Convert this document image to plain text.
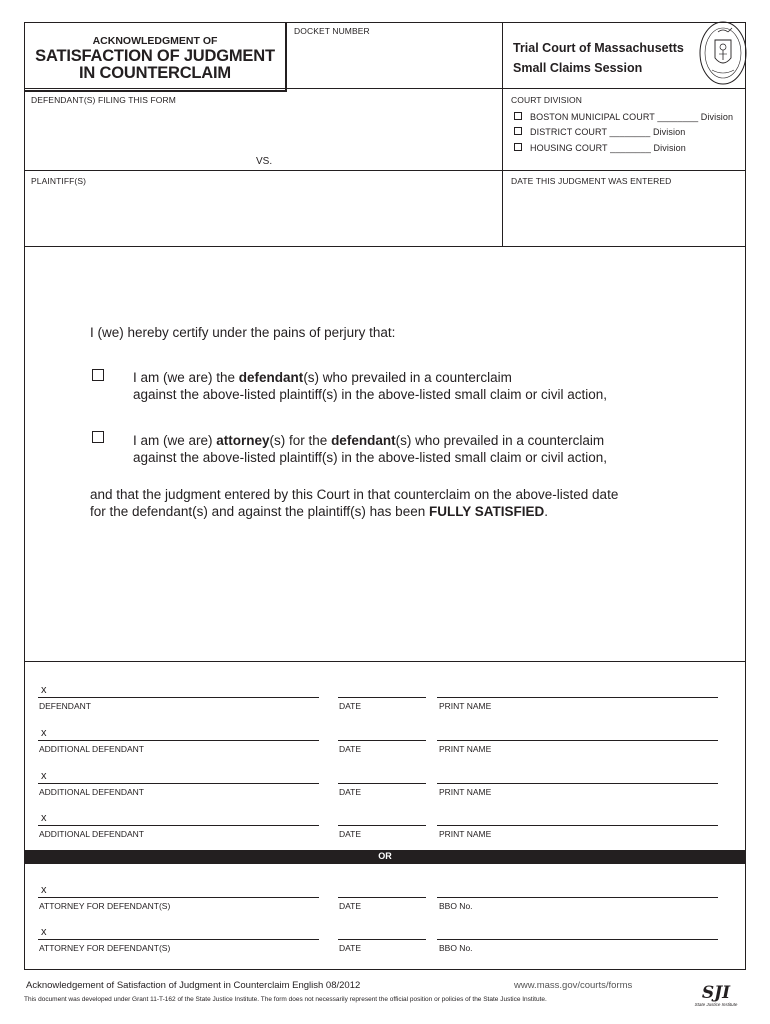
ACKNOWLEDGMENT OF
SATISFACTION OF JUDGMENT
IN COUNTERCLAIM
DOCKET NUMBER
Trial Court of Massachusetts
Small Claims Session
DEFENDANT(S) FILING THIS FORM
VS.
PLAINTIFF(S)
COURT DIVISION
BOSTON MUNICIPAL COURT ________ Division
DISTRICT COURT ________ Division
HOUSING COURT ________ Division
DATE THIS JUDGMENT WAS ENTERED
I (we) hereby certify under the pains of perjury that:
I am (we are) the defendant(s) who prevailed in a counterclaim
against the above-listed plaintiff(s) in the above-listed small claim or civil action,
I am (we are) attorney(s) for the defendant(s) who prevailed in a counterclaim
against the above-listed plaintiff(s) in the above-listed small claim or civil action,
and that the judgment entered by this Court in that counterclaim on the above-listed date
for the defendant(s) and against the plaintiff(s) has been FULLY SATISFIED.
x
DEFENDANT	DATE	PRINT NAME
x
ADDITIONAL DEFENDANT	DATE	PRINT NAME
x
ADDITIONAL DEFENDANT	DATE	PRINT NAME
x
ADDITIONAL DEFENDANT	DATE	PRINT NAME
x
ATTORNEY FOR DEFENDANT(S)	DATE	BBO No.
x
ATTORNEY FOR DEFENDANT(S)	DATE	BBO No.
OR
Acknowledgement of Satisfaction of Judgment in Counterclaim English 08/2012	www.mass.gov/courts/forms
This document was developed under Grant 11-T-162 of the State Justice Institute. The form does not necessarily represent the official position or policies of the State Justice Institute.	SJI
State Justice Institute
